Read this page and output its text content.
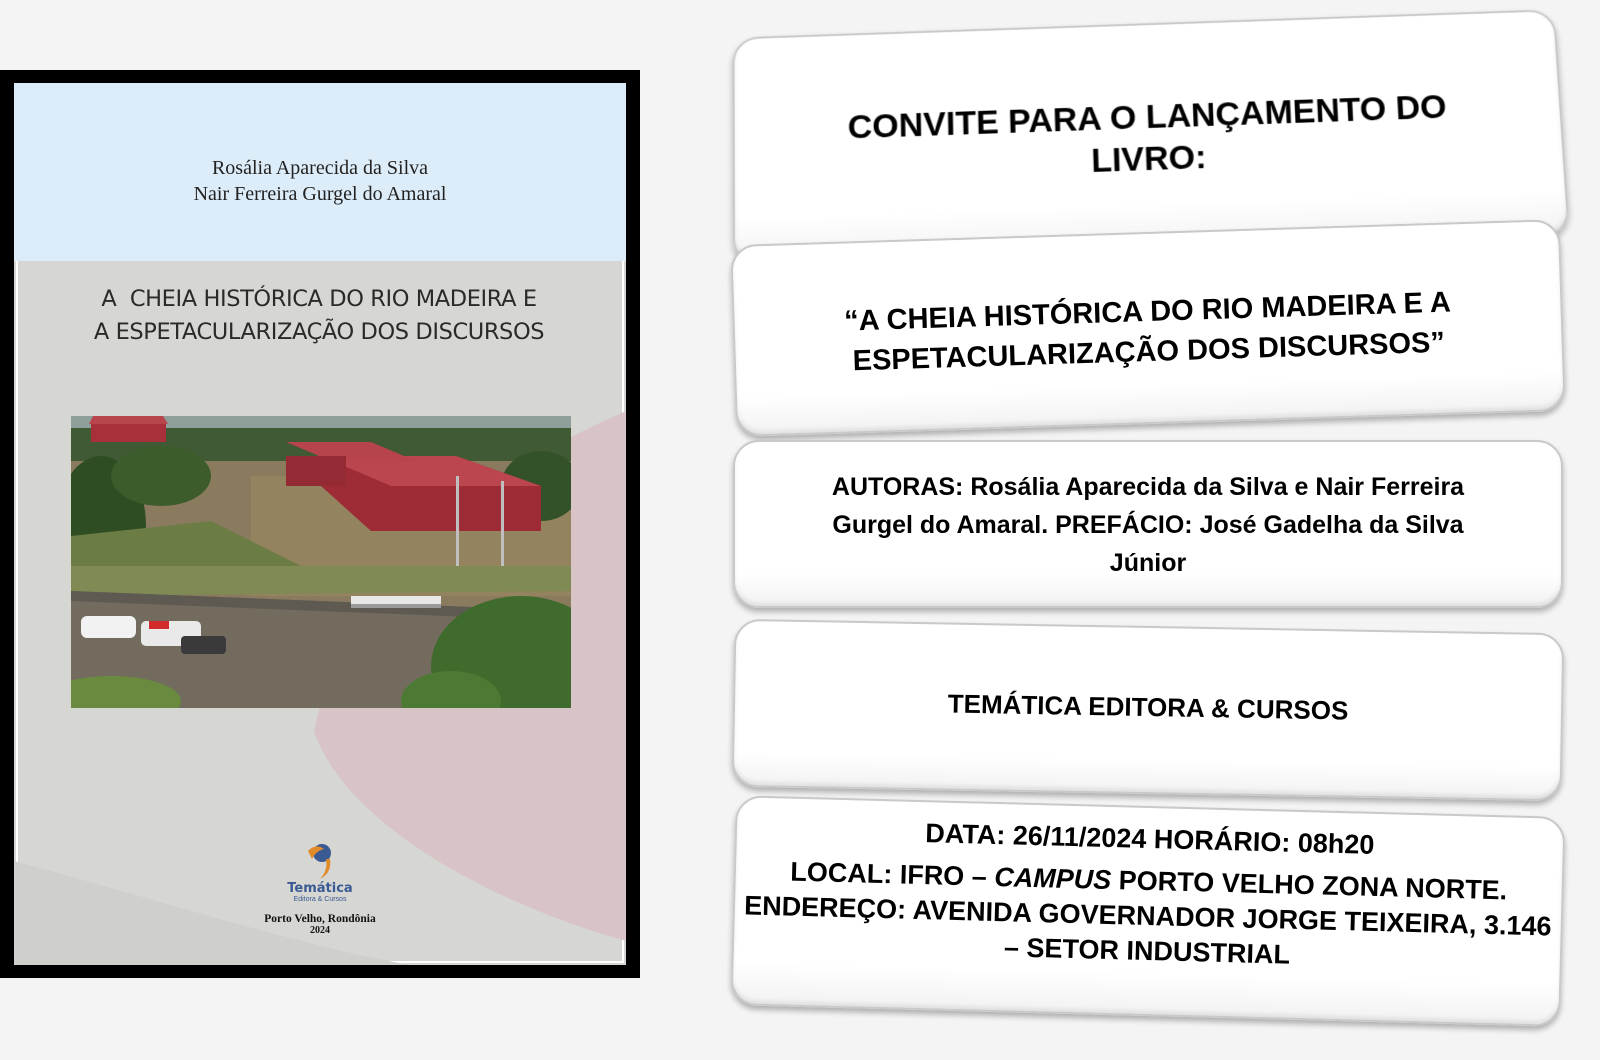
Rosália Aparecida da Silva
Nair Ferreira Gurgel do Amaral
A  CHEIA HISTÓRICA DO RIO MADEIRA E
A ESPETACULARIZAÇÃO DOS DISCURSOS
Temática
Editora & Cursos
Porto Velho, Rondônia
2024
CONVITE PARA O LANÇAMENTO DO LIVRO:
“A CHEIA HISTÓRICA DO RIO MADEIRA E A ESPETACULARIZAÇÃO DOS DISCURSOS”
AUTORAS: Rosália Aparecida da Silva e Nair Ferreira Gurgel do Amaral. PREFÁCIO: José Gadelha da Silva Júnior
TEMÁTICA EDITORA & CURSOS
DATA: 26/11/2024 HORÁRIO: 08h20
LOCAL: IFRO – CAMPUS PORTO VELHO ZONA NORTE. ENDEREÇO: AVENIDA GOVERNADOR JORGE TEIXEIRA, 3.146 – SETOR INDUSTRIAL
